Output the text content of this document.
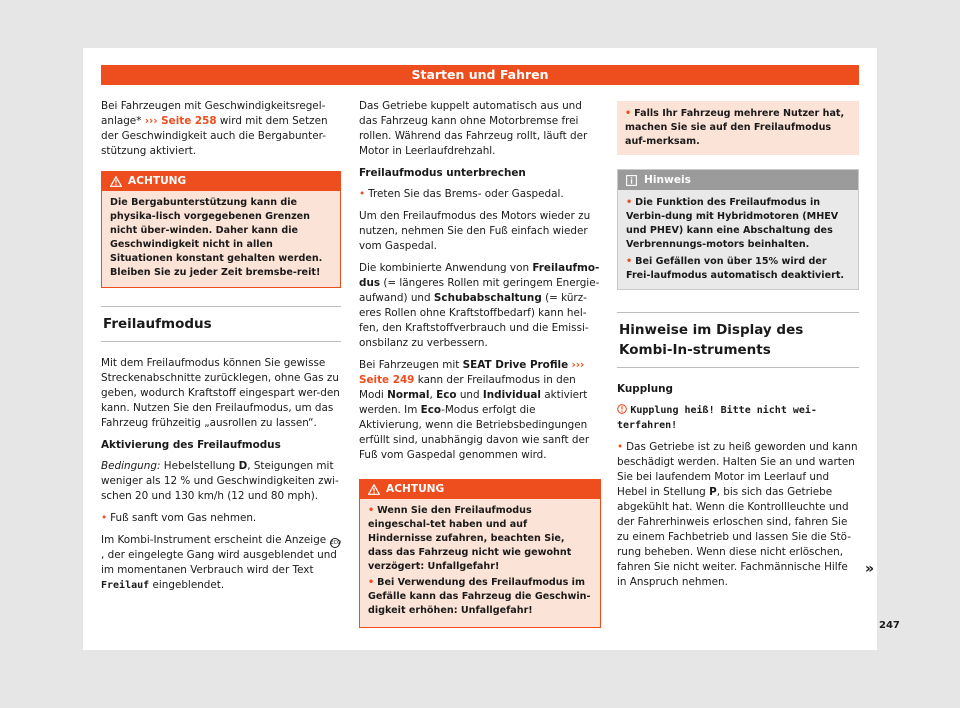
Starten und Fahren

Bei Fahrzeugen mit Geschwindigkeitsregel-anlage* ››› Seite 258 wird mit dem Setzen der Geschwindigkeit auch die Bergabunter-stützung aktiviert.

ACHTUNG
Die Bergabunterstützung kann die physika-lisch vorgegebenen Grenzen nicht über-winden. Daher kann die Geschwindigkeit nicht in allen Situationen konstant gehalten werden. Bleiben Sie zu jeder Zeit bremsbe-reit!
Freilaufmodus

Mit dem Freilaufmodus können Sie gewisse Streckenabschnitte zurücklegen, ohne Gas zu geben, wodurch Kraftstoff eingespart wer-den kann. Nutzen Sie den Freilaufmodus, um das Fahrzeug frühzeitig „ausrollen zu lassen“.

Aktivierung des Freilaufmodus

Bedingung: Hebelstellung D, Steigungen mit weniger als 12 % und Geschwindigkeiten zwi-schen 20 und 130 km/h (12 und 80 mph).

• Fuß sanft vom Gas nehmen.

Im Kombi-Instrument erscheint die Anzeige ECO, der eingelegte Gang wird ausgeblendet und im momentanen Verbrauch wird der Text Freilauf eingeblendet.

Das Getriebe kuppelt automatisch aus und das Fahrzeug kann ohne Motorbremse frei rollen. Während das Fahrzeug rollt, läuft der Motor in Leerlaufdrehzahl.

Freilaufmodus unterbrechen

• Treten Sie das Brems- oder Gaspedal.

Um den Freilaufmodus des Motors wieder zu nutzen, nehmen Sie den Fuß einfach wieder vom Gaspedal.

Die kombinierte Anwendung von Freilaufmo-dus (= längeres Rollen mit geringem Energie-aufwand) und Schubabschaltung (= kürz-eres Rollen ohne Kraftstoffbedarf) kann hel-fen, den Kraftstoffverbrauch und die Emissi-onsbilanz zu verbessern.

Bei Fahrzeugen mit SEAT Drive Profile ››› Seite 249 kann der Freilaufmodus in den Modi Normal, Eco und Individual aktiviert werden. Im Eco-Modus erfolgt die Aktivierung, wenn die Betriebsbedingungen erfüllt sind, unabhängig davon wie sanft der Fuß vom Gaspedal genommen wird.

ACHTUNG
• Wenn Sie den Freilaufmodus eingeschal-tet haben und auf Hindernisse zufahren, beachten Sie, dass das Fahrzeug nicht wie gewohnt verzögert: Unfallgefahr!
• Bei Verwendung des Freilaufmodus im Gefälle kann das Fahrzeug die Geschwin-digkeit erhöhen: Unfallgefahr!
• Falls Ihr Fahrzeug mehrere Nutzer hat, machen Sie sie auf den Freilaufmodus auf-merksam.
Hinweis
• Die Funktion des Freilaufmodus in Verbin-dung mit Hybridmotoren (MHEV und PHEV) kann eine Abschaltung des Verbrennungs-motors beinhalten.
• Bei Gefällen von über 15% wird der Frei-laufmodus automatisch deaktiviert.
Hinweise im Display des Kombi-In-struments

Kupplung

Kupplung heiß! Bitte nicht wei-terfahren!

• Das Getriebe ist zu heiß geworden und kann beschädigt werden. Halten Sie an und warten Sie bei laufendem Motor im Leerlauf und Hebel in Stellung P, bis sich das Getriebe abgekühlt hat. Wenn die Kontrollleuchte und der Fahrerhinweis erloschen sind, fahren Sie zu einem Fachbetrieb und lassen Sie die Stö-rung beheben. Wenn diese nicht erlöschen, fahren Sie nicht weiter. Fachmännische Hilfe in Anspruch nehmen.

»
247
